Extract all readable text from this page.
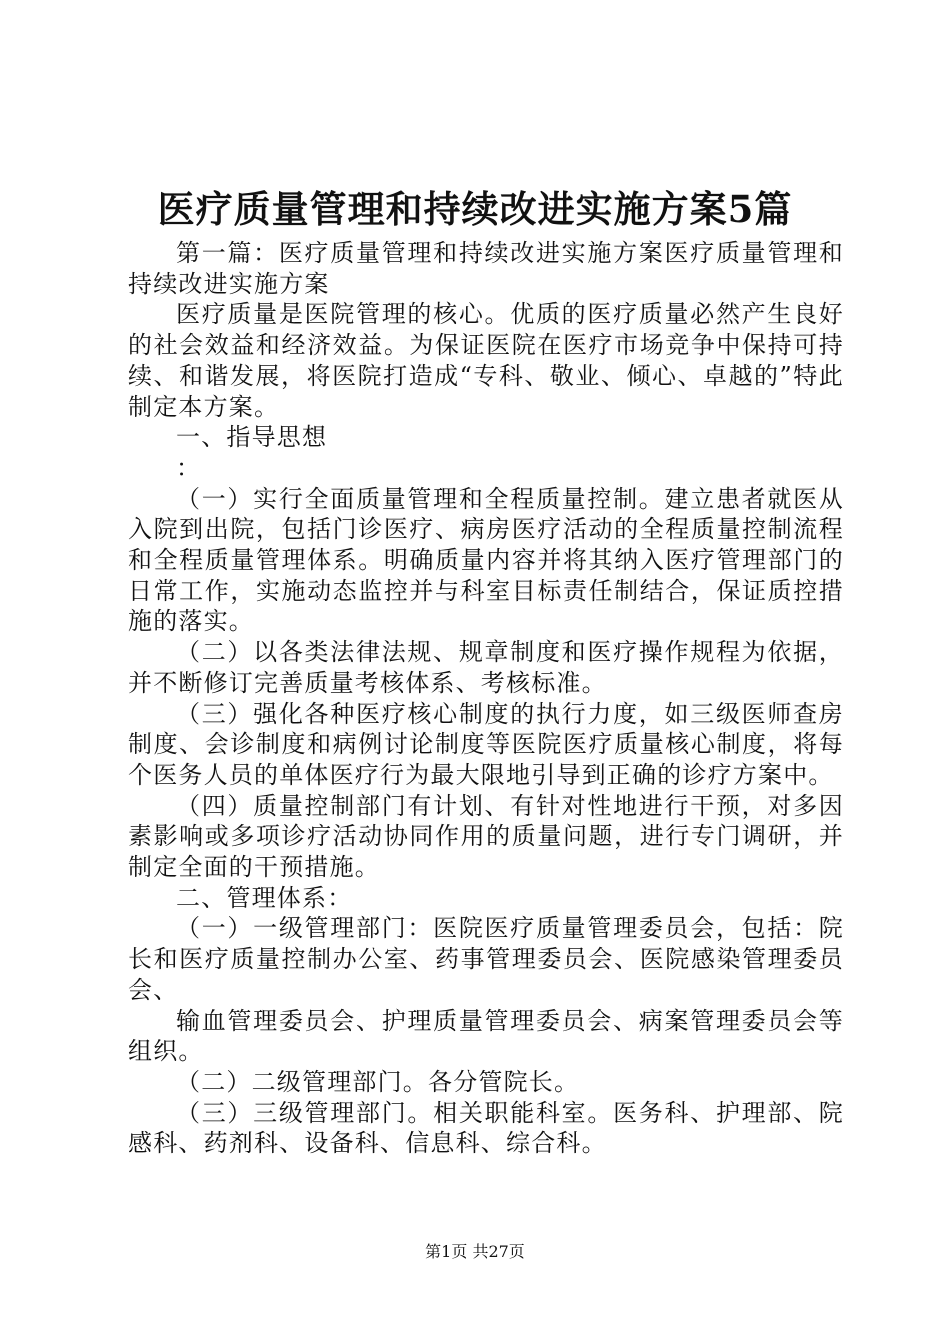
医疗质量管理和持续改进实施方案5篇

第一篇：医疗质量管理和持续改进实施方案医疗质量管理和持续改进实施方案

医疗质量是医院管理的核心。优质的医疗质量必然产生良好的社会效益和经济效益。为保证医院在医疗市场竞争中保持可持续、和谐发展，将医院打造成“专科、敬业、倾心、卓越的”特此制定本方案。

一、指导思想

：

（一）实行全面质量管理和全程质量控制。建立患者就医从入院到出院，包括门诊医疗、病房医疗活动的全程质量控制流程和全程质量管理体系。明确质量内容并将其纳入医疗管理部门的日常工作，实施动态监控并与科室目标责任制结合，保证质控措施的落实。

（二）以各类法律法规、规章制度和医疗操作规程为依据，并不断修订完善质量考核体系、考核标准。

（三）强化各种医疗核心制度的执行力度，如三级医师查房制度、会诊制度和病例讨论制度等医院医疗质量核心制度，将每个医务人员的单体医疗行为最大限地引导到正确的诊疗方案中。

（四）质量控制部门有计划、有针对性地进行干预，对多因素影响或多项诊疗活动协同作用的质量问题，进行专门调研，并制定全面的干预措施。

二、管理体系：

（一）一级管理部门：医院医疗质量管理委员会，包括：院长和医疗质量控制办公室、药事管理委员会、医院感染管理委员会、

输血管理委员会、护理质量管理委员会、病案管理委员会等组织。

（二）二级管理部门。各分管院长。

（三）三级管理部门。相关职能科室。医务科、护理部、院感科、药剂科、设备科、信息科、综合科。

第1页 共27页
